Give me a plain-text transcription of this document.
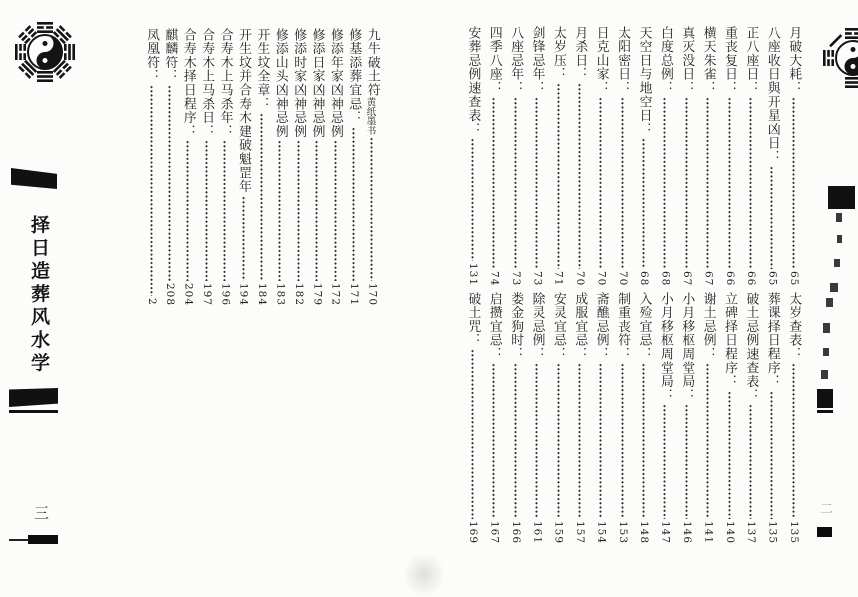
择日造葬风水学
九牛破土符
黄纸墨书
170
修基添葬宜忌：
171
修添年家凶神忌例
172
修添日家凶神忌例
179
修添时家凶神忌例
182
修添山头凶神忌例
183
开生坟全章：
184
开生坟并合寿木建破魁罡年
194
合寿木上马杀年：
196
合寿木上马杀日：
197
合寿木择日程序：
204
麒麟符：
208
凤凰符：
2
月破大耗：
65
八座收日與开星凶日：
65
正八座日：
66
重丧复日：
66
横天朱雀：
67
真灭没日：
67
白度总例：
68
天空日与地空日：
68
太阳密日：
70
日克山家：
70
月杀日：
70
太岁压：
71
剑锋忌年：
73
八座忌年：
73
四季八座：
74
安葬忌例速查表：
131
太岁查表：
135
葬课择日程序：
135
破土忌例速查表：
137
立碑择日程序：
140
谢土忌例：
141
小月移枢周堂局：
146
小月移枢周堂局：
147
入殓宜忌：
148
制重丧符：
153
斋醮忌例：
154
成服宜忌：
157
安灵宜忌：
159
除灵忌例：
161
娄金狗时：
166
启攒宜忌：
167
破土咒：
169
三	二
